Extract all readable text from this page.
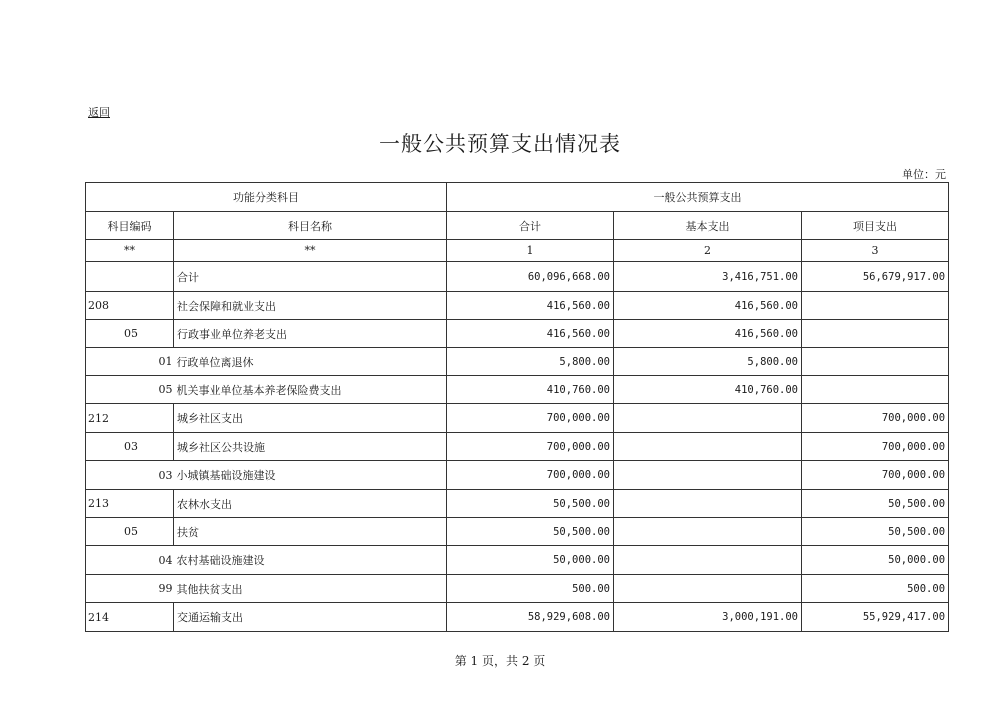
返回
一般公共预算支出情况表
单位：元
功能分类科目		一般公共预算支出		
科目编码	科目名称	合计	基本支出	项目支出
**	**	1	2	3
	合计	60,096,668.00	3,416,751.00	56,679,917.00
208	社会保障和就业支出	416,560.00	416,560.00	
05	行政事业单位养老支出	416,560.00	416,560.00	
01	行政单位离退休	5,800.00	5,800.00	
05	机关事业单位基本养老保险费支出	410,760.00	410,760.00	
212	城乡社区支出	700,000.00		700,000.00
03	城乡社区公共设施	700,000.00		700,000.00
03	小城镇基础设施建设	700,000.00		700,000.00
213	农林水支出	50,500.00		50,500.00
05	扶贫	50,500.00		50,500.00
04	农村基础设施建设	50,000.00		50,000.00
99	其他扶贫支出	500.00		500.00
214	交通运输支出	58,929,608.00	3,000,191.00	55,929,417.00
第 1 页，共 2 页
